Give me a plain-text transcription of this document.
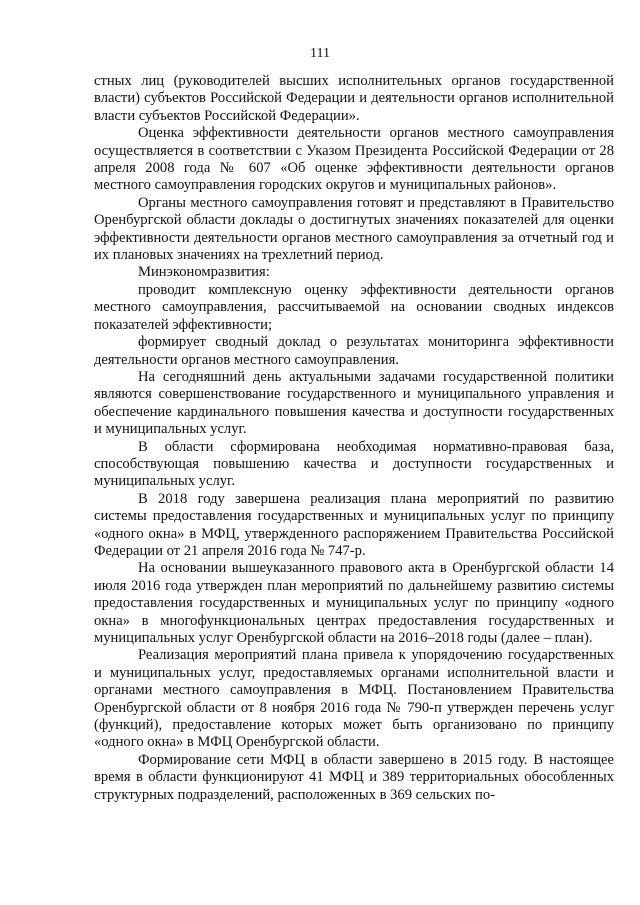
111

стных лиц (руководителей высших исполнительных органов государственной власти) субъектов Российской Федерации и деятельности органов исполнительной власти субъектов Российской Федерации».

Оценка эффективности деятельности органов местного самоуправления осуществляется в соответствии с Указом Президента Российской Федерации от 28 апреля 2008 года № 607 «Об оценке эффективности деятельности органов местного самоуправления городских округов и муниципальных районов».

Органы местного самоуправления готовят и представляют в Правительство Оренбургской области доклады о достигнутых значениях показателей для оценки эффективности деятельности органов местного самоуправления за отчетный год и их плановых значениях на трехлетний период.

Минэкономразвития:

проводит комплексную оценку эффективности деятельности органов местного самоуправления, рассчитываемой на основании сводных индексов показателей эффективности;

формирует сводный доклад о результатах мониторинга эффективности деятельности органов местного самоуправления.

На сегодняшний день актуальными задачами государственной политики являются совершенствование государственного и муниципального управления и обеспечение кардинального повышения качества и доступности государственных и муниципальных услуг.

В области сформирована необходимая нормативно-правовая база, способствующая повышению качества и доступности государственных и муниципальных услуг.

В 2018 году завершена реализация плана мероприятий по развитию системы предоставления государственных и муниципальных услуг по принципу «одного окна» в МФЦ, утвержденного распоряжением Правительства Российской Федерации от 21 апреля 2016 года № 747-р.

На основании вышеуказанного правового акта в Оренбургской области 14 июля 2016 года утвержден план мероприятий по дальнейшему развитию системы предоставления государственных и муниципальных услуг по принципу «одного окна» в многофункциональных центрах предоставления государственных и муниципальных услуг Оренбургской области на 2016–2018 годы (далее – план).

Реализация мероприятий плана привела к упорядочению государственных и муниципальных услуг, предоставляемых органами исполнительной власти и органами местного самоуправления в МФЦ. Постановлением Правительства Оренбургской области от 8 ноября 2016 года № 790-п утвержден перечень услуг (функций), предоставление которых может быть организовано по принципу «одного окна» в МФЦ Оренбургской области.

Формирование сети МФЦ в области завершено в 2015 году. В настоящее время в области функционируют 41 МФЦ и 389 территориальных обособленных структурных подразделений, расположенных в 369 сельских по-
